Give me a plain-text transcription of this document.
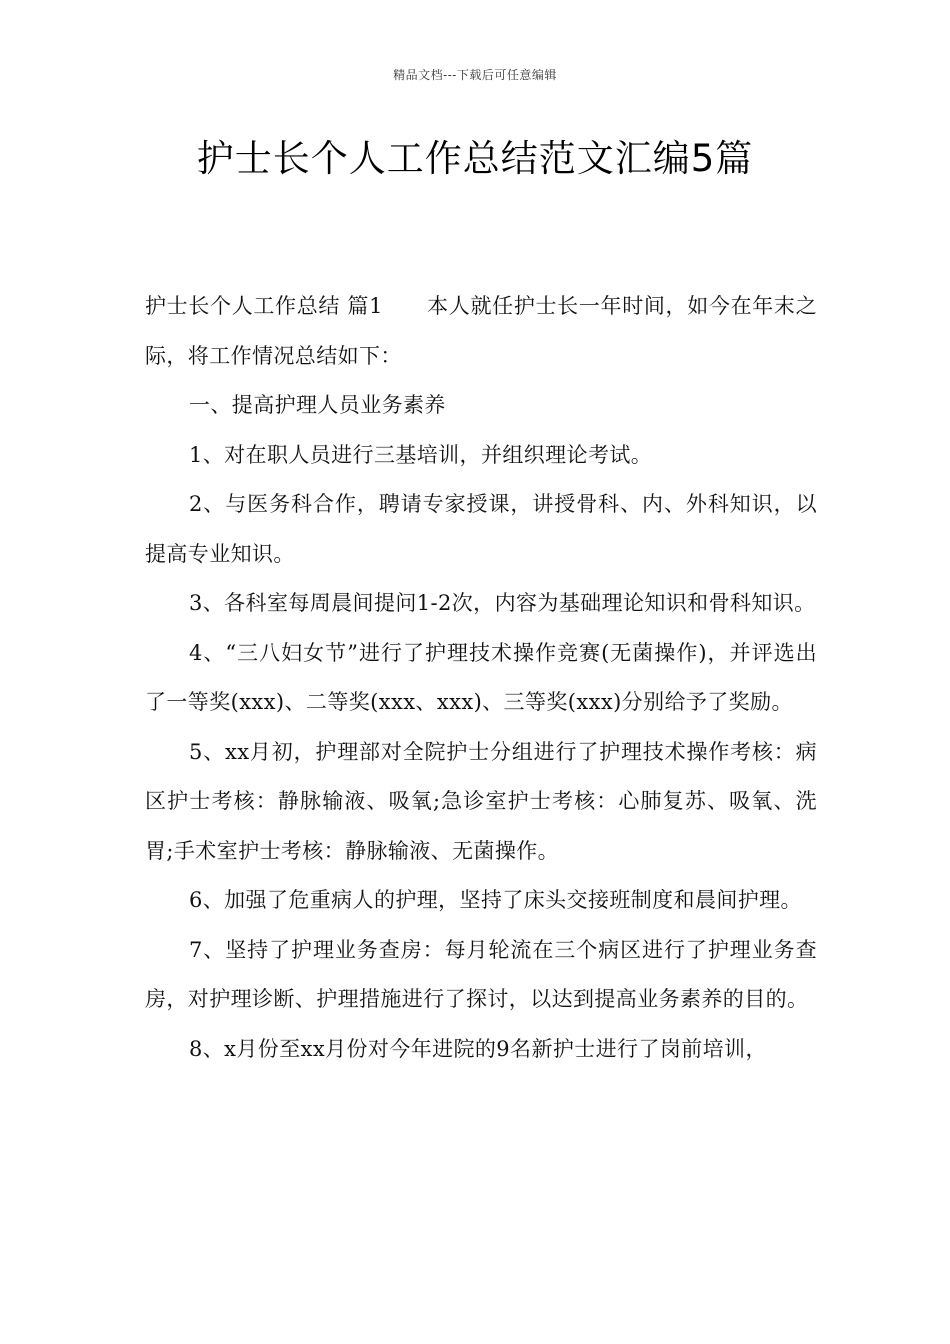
精品文档---下载后可任意编辑
护士长个人工作总结范文汇编5篇

护士长个人工作总结 篇1 本人就任护士长一年时间，如今在年末之际，将工作情况总结如下：

一、提高护理人员业务素养

1、对在职人员进行三基培训，并组织理论考试。

2、与医务科合作，聘请专家授课，讲授骨科、内、外科知识，以提高专业知识。

3、各科室每周晨间提问1-2次，内容为基础理论知识和骨科知识。

4、“三八妇女节”进行了护理技术操作竞赛(无菌操作)，并评选出了一等奖(xxx)、二等奖(xxx、xxx)、三等奖(xxx)分别给予了奖励。

5、xx月初，护理部对全院护士分组进行了护理技术操作考核：病区护士考核：静脉输液、吸氧;急诊室护士考核：心肺复苏、吸氧、洗胃;手术室护士考核：静脉输液、无菌操作。

6、加强了危重病人的护理，坚持了床头交接班制度和晨间护理。

7、坚持了护理业务查房：每月轮流在三个病区进行了护理业务查房，对护理诊断、护理措施进行了探讨，以达到提高业务素养的目的。

8、x月份至xx月份对今年进院的9名新护士进行了岗前培训，
